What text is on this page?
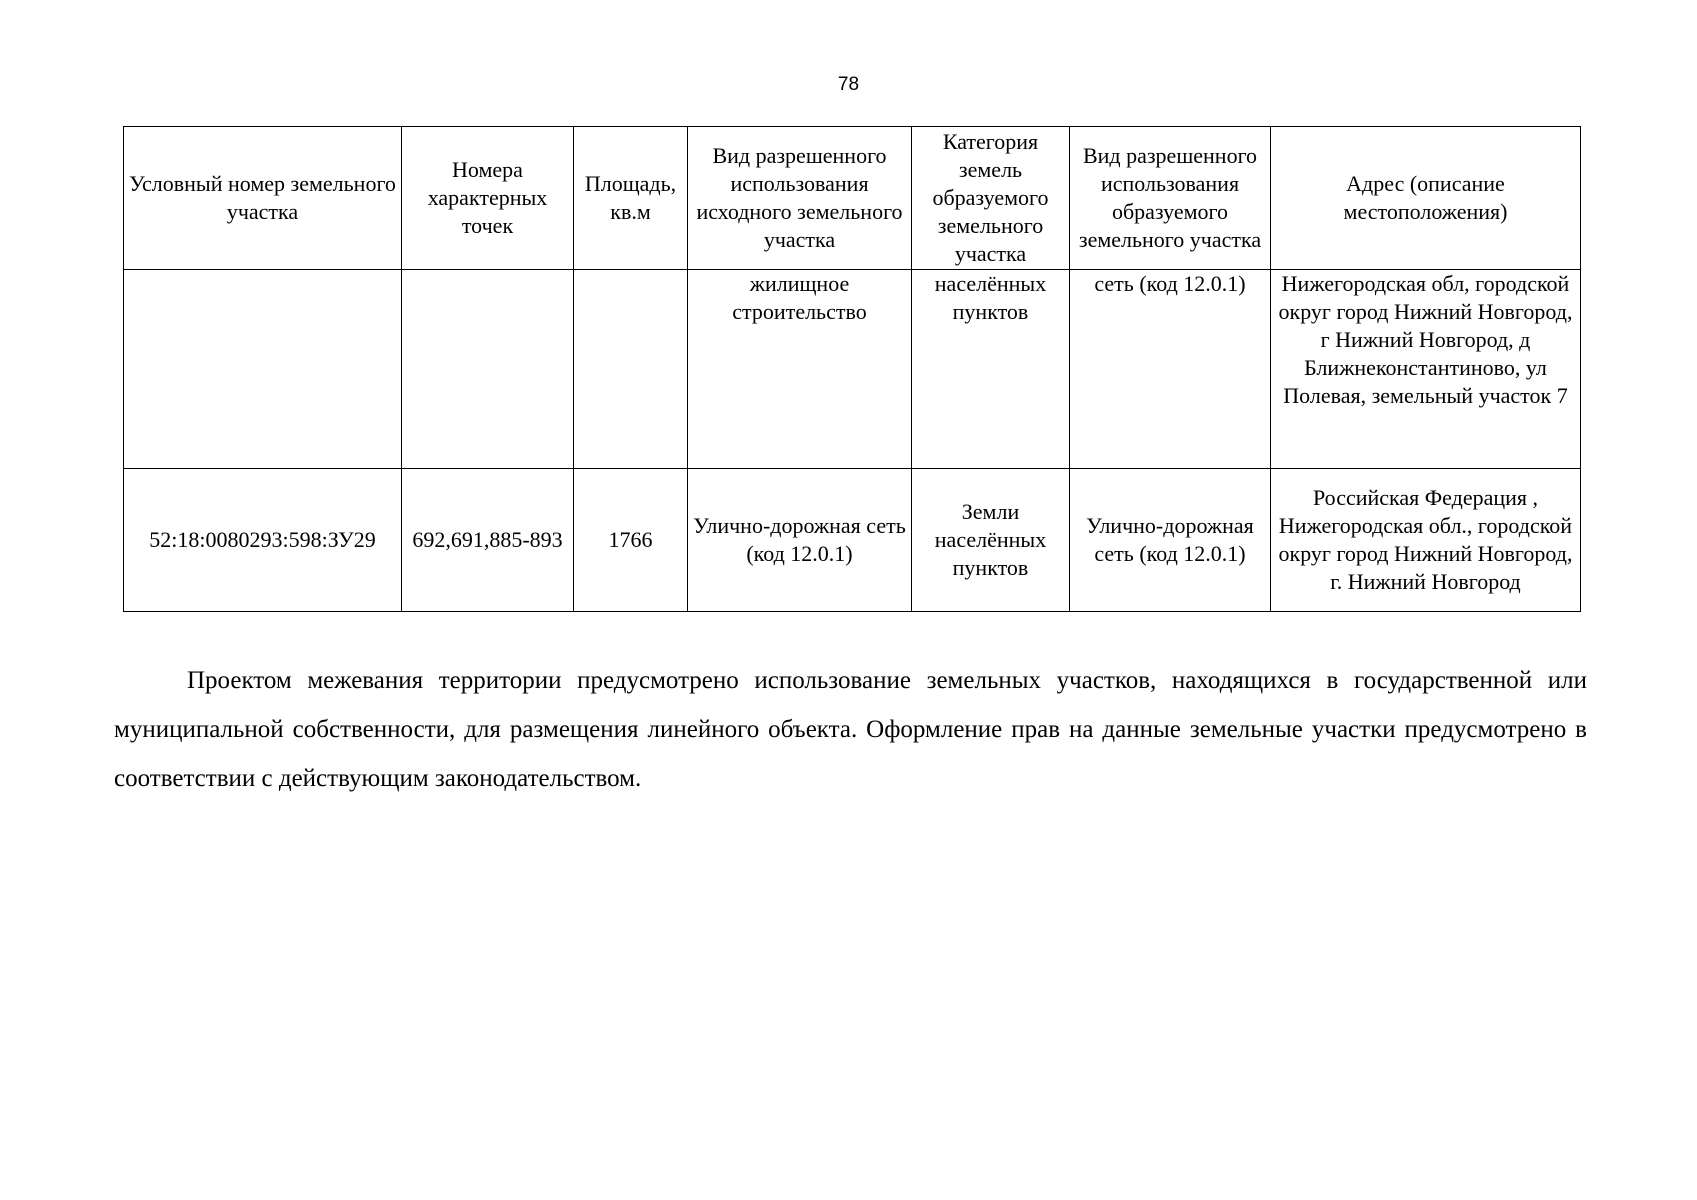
78
Условный номер земельного участка	Номера характерных точек	Площадь, кв.м	Вид разрешенного использования исходного земельного участка	Категория земель образуемого земельного участка	Вид разрешенного использования образуемого земельного участка	Адрес (описание местоположения)
			жилищное строительство	населённых пунктов	сеть (код 12.0.1)	Нижегородская обл, городской округ город Нижний Новгород, г Нижний Новгород, д Ближнеконстантиново, ул Полевая, земельный участок 7
52:18:0080293:598:ЗУ29	692,691,885-893	1766	Улично-дорожная сеть (код 12.0.1)	Земли населённых пунктов	Улично-дорожная сеть (код 12.0.1)	Российская Федерация , Нижегородская обл., городской округ город Нижний Новгород, г. Нижний Новгород

Проектом межевания территории предусмотрено использование земельных участков, находящихся в государственной или муниципальной собственности, для размещения линейного объекта. Оформление прав на данные земельные участки предусмотрено в соответствии с действующим законодательством.
